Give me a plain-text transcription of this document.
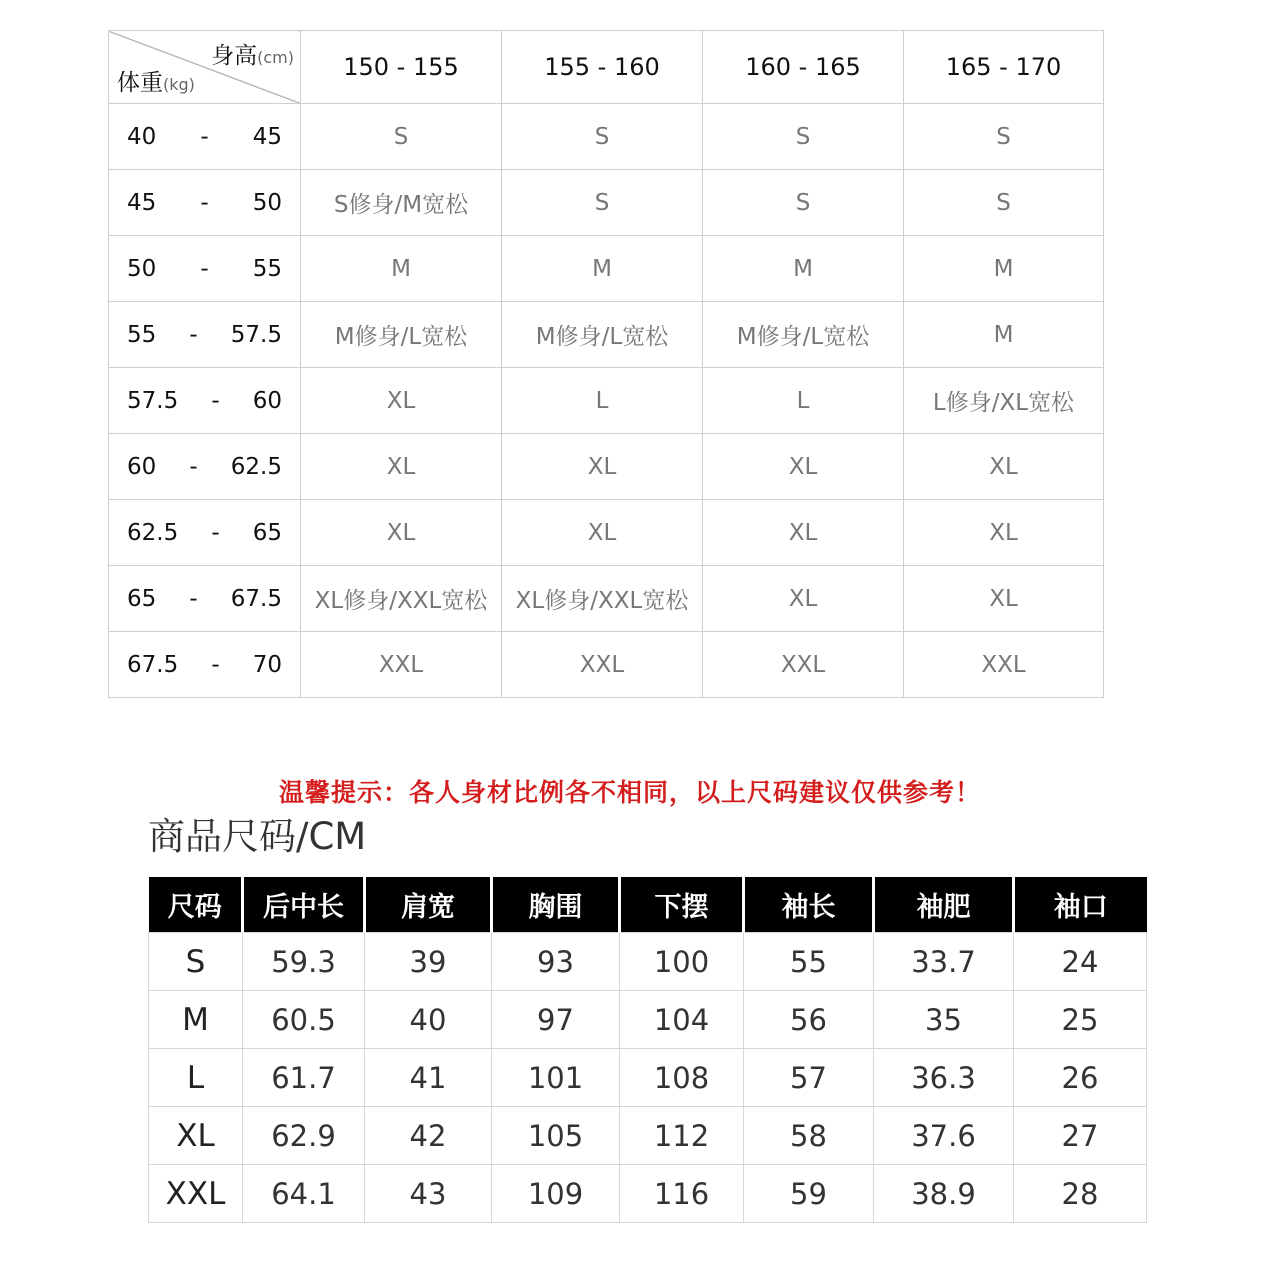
身高(cm)
体重(kg)	150 - 155	155 - 160	160 - 165	165 - 170

40 - 45	S	S	S	S

45 - 50	S修身/M宽松	S	S	S

50 - 55	M	M	M	M

55 - 57.5	M修身/L宽松	M修身/L宽松	M修身/L宽松	M

57.5 - 60	XL	L	L	L修身/XL宽松

60 - 62.5	XL	XL	XL	XL

62.5 - 65	XL	XL	XL	XL

65 - 67.5	XL修身/XXL宽松	XL修身/XXL宽松	XL	XL

67.5 - 70	XXL	XXL	XXL	XXL
温馨提示：各人身材比例各不相同，以上尺码建议仅供参考！
商品尺码/CM
尺码	后中长	肩宽	胸围	下摆	袖长	袖肥	袖口
S	59.3	39	93	100	55	33.7	24
M	60.5	40	97	104	56	35	25
L	61.7	41	101	108	57	36.3	26
XL	62.9	42	105	112	58	37.6	27
XXL	64.1	43	109	116	59	38.9	28
